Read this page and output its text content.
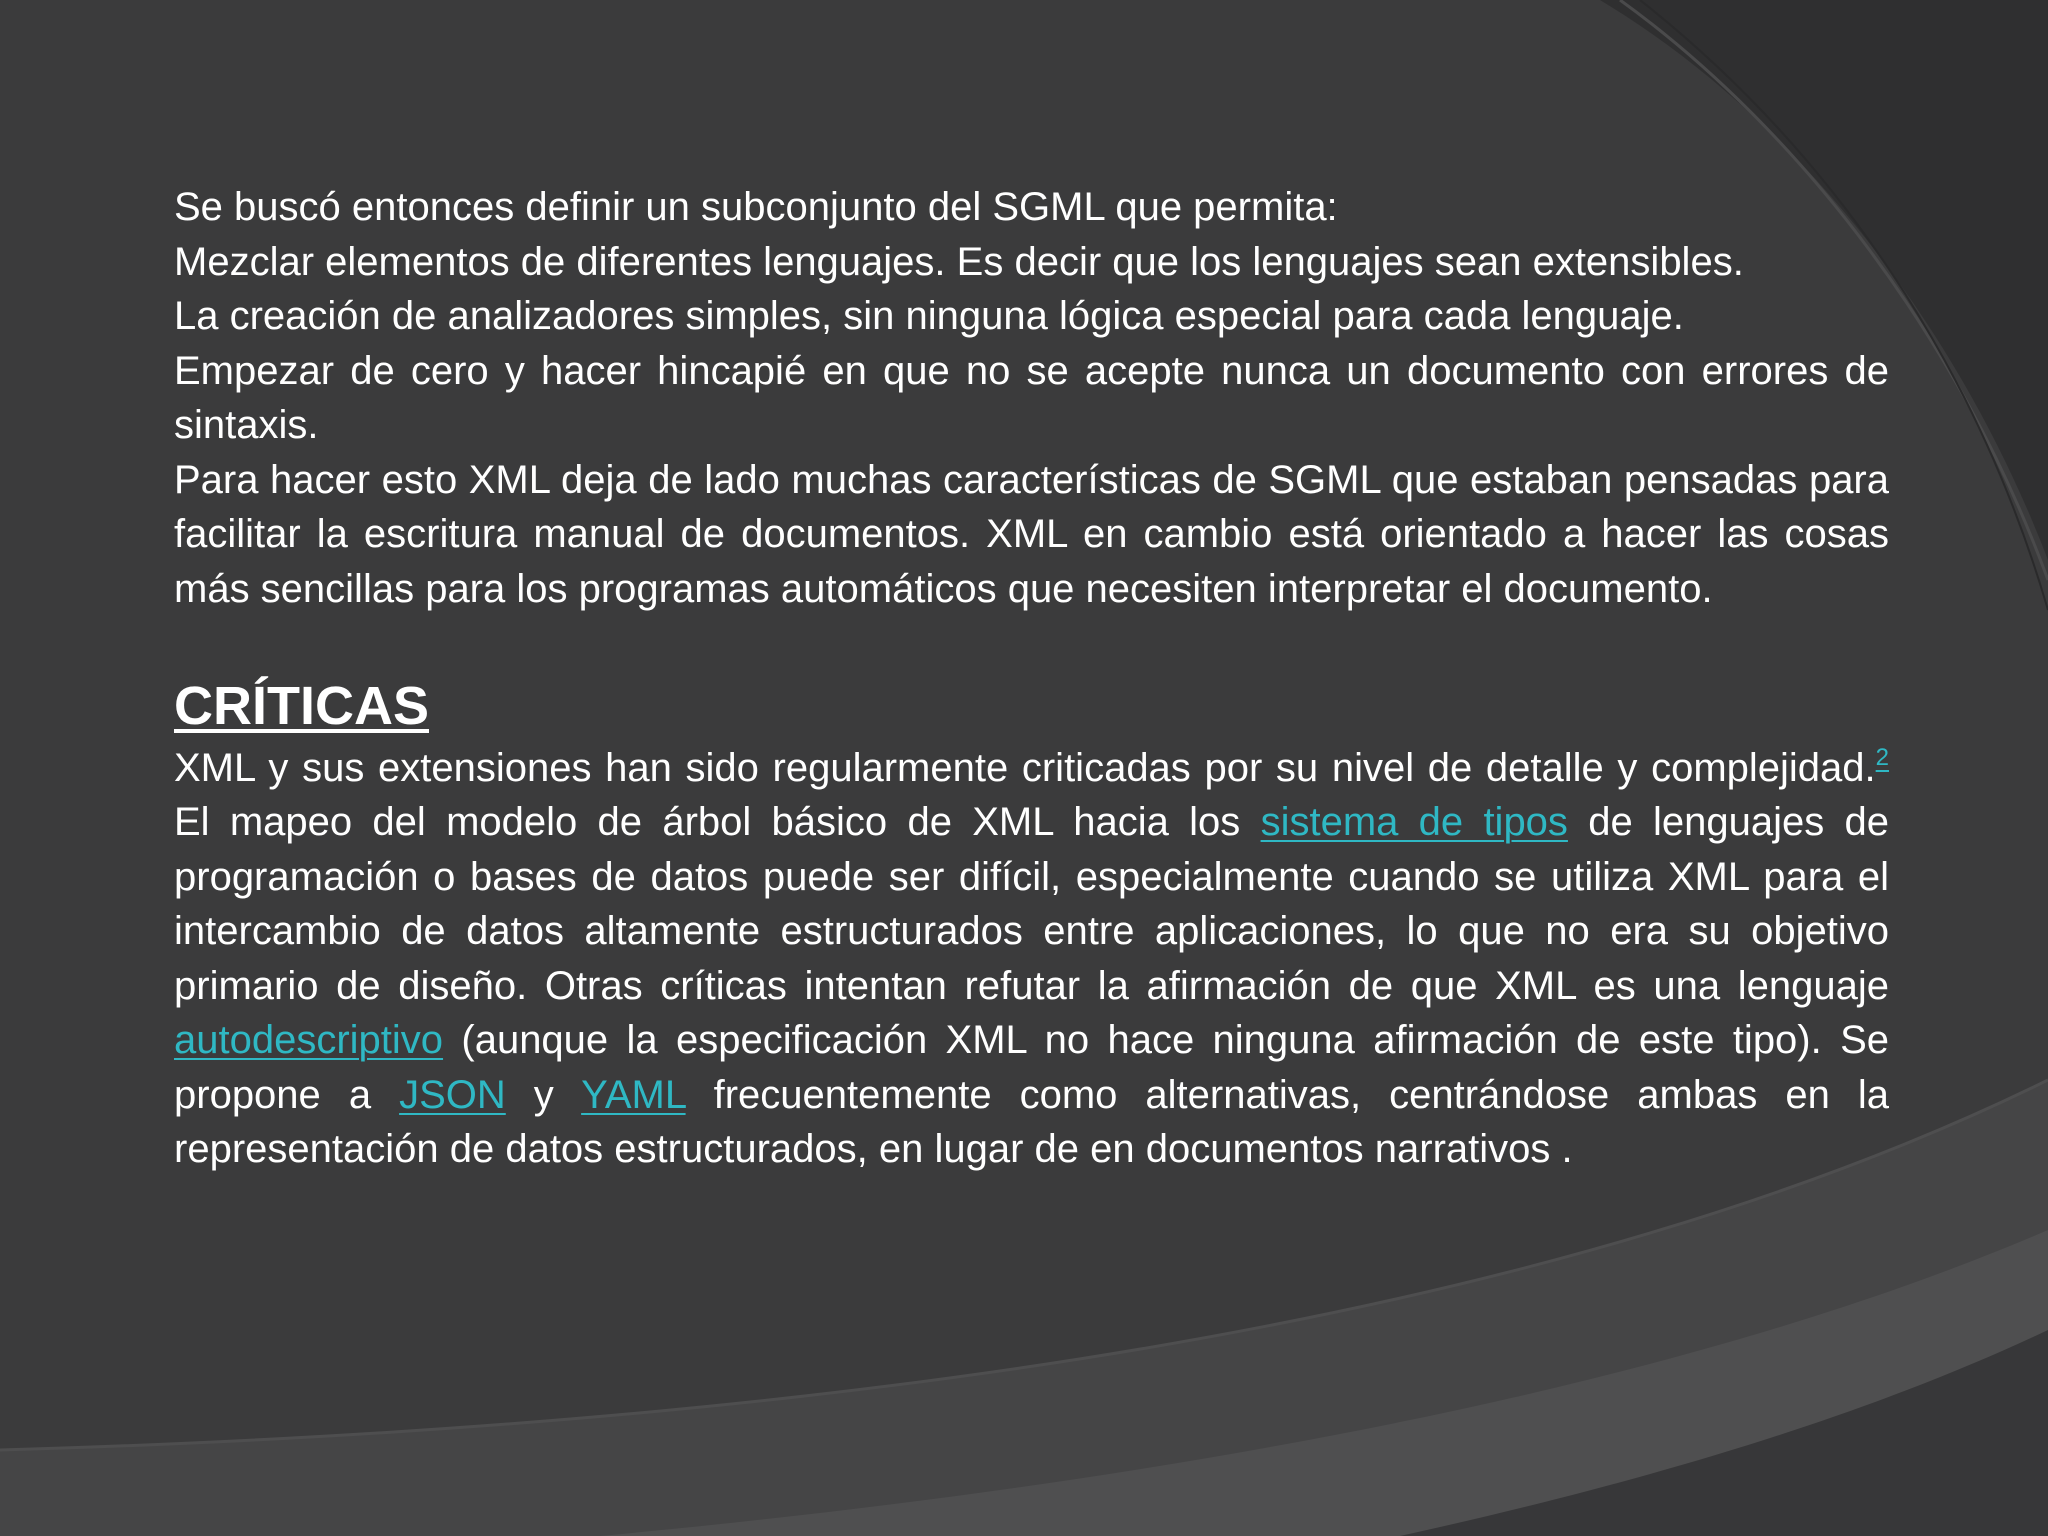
Se buscó entonces definir un subconjunto del SGML que permita:

Mezclar elementos de diferentes lenguajes. Es decir que los lenguajes sean extensibles.

La creación de analizadores simples, sin ninguna lógica especial para cada lenguaje.

Empezar de cero y hacer hincapié en que no se acepte nunca un documento con errores de sintaxis.

Para hacer esto XML deja de lado muchas características de SGML que estaban pensadas para facilitar la escritura manual de documentos. XML en cambio está orientado a hacer las cosas más sencillas para los programas automáticos que necesiten interpretar el documento.

CRÍTICAS

XML y sus extensiones han sido regularmente criticadas por su nivel de detalle y complejidad.$^2$ El mapeo del modelo de árbol básico de XML hacia los sistema de tipos de lenguajes de programación o bases de datos puede ser difícil, especialmente cuando se utiliza XML para el intercambio de datos altamente estructurados entre aplicaciones, lo que no era su objetivo primario de diseño. Otras críticas intentan refutar la afirmación de que XML es una lenguaje autodescriptivo (aunque la especificación XML no hace ninguna afirmación de este tipo). Se propone a JSON y YAML frecuentemente como alternativas, centrándose ambas en la representación de datos estructurados, en lugar de en documentos narrativos .
